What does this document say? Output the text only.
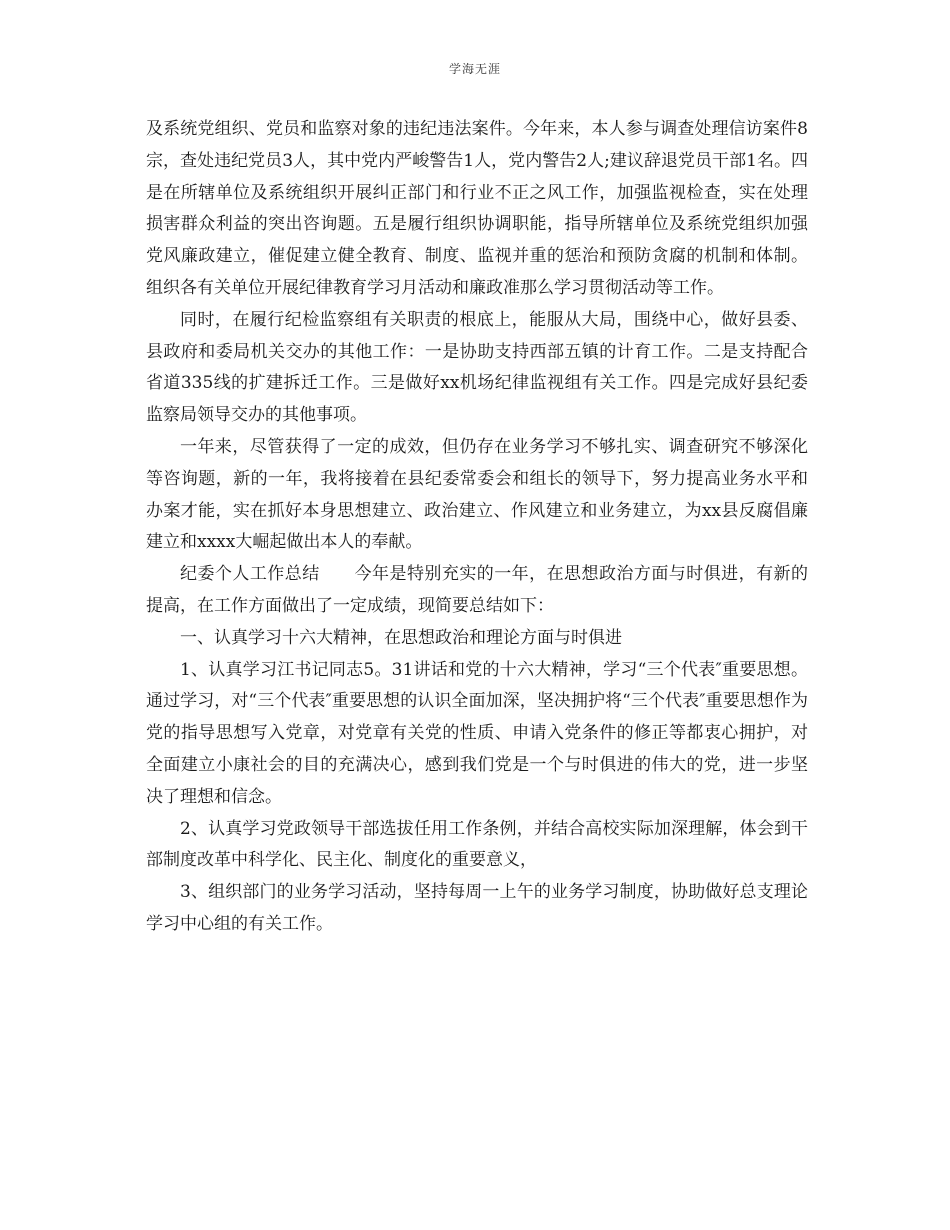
学海无涯

及系统党组织、党员和监察对象的违纪违法案件。今年来，本人参与调查处理信访案件8宗，查处违纪党员3人，其中党内严峻警告1人，党内警告2人;建议辞退党员干部1名。四是在所辖单位及系统组织开展纠正部门和行业不正之风工作，加强监视检查，实在处理损害群众利益的突出咨询题。五是履行组织协调职能，指导所辖单位及系统党组织加强党风廉政建立，催促建立健全教育、制度、监视并重的惩治和预防贪腐的机制和体制。组织各有关单位开展纪律教育学习月活动和廉政准那么学习贯彻活动等工作。

同时，在履行纪检监察组有关职责的根底上，能服从大局，围绕中心，做好县委、县政府和委局机关交办的其他工作：一是协助支持西部五镇的计育工作。二是支持配合省道335线的扩建拆迁工作。三是做好xx机场纪律监视组有关工作。四是完成好县纪委监察局领导交办的其他事项。

一年来，尽管获得了一定的成效，但仍存在业务学习不够扎实、调查研究不够深化等咨询题，新的一年，我将接着在县纪委常委会和组长的领导下，努力提高业务水平和办案才能，实在抓好本身思想建立、政治建立、作风建立和业务建立，为xx县反腐倡廉建立和xxxx大崛起做出本人的奉献。

纪委个人工作总结　　今年是特别充实的一年，在思想政治方面与时俱进，有新的提高，在工作方面做出了一定成绩，现简要总结如下：

一、认真学习十六大精神，在思想政治和理论方面与时俱进

1、认真学习江书记同志5。31讲话和党的十六大精神，学习“三个代表″重要思想。通过学习，对“三个代表″重要思想的认识全面加深，坚决拥护将“三个代表″重要思想作为党的指导思想写入党章，对党章有关党的性质、申请入党条件的修正等都衷心拥护，对全面建立小康社会的目的充满决心，感到我们党是一个与时俱进的伟大的党，进一步坚决了理想和信念。

2、认真学习党政领导干部选拔任用工作条例，并结合高校实际加深理解，体会到干部制度改革中科学化、民主化、制度化的重要意义，

3、组织部门的业务学习活动，坚持每周一上午的业务学习制度，协助做好总支理论学习中心组的有关工作。
